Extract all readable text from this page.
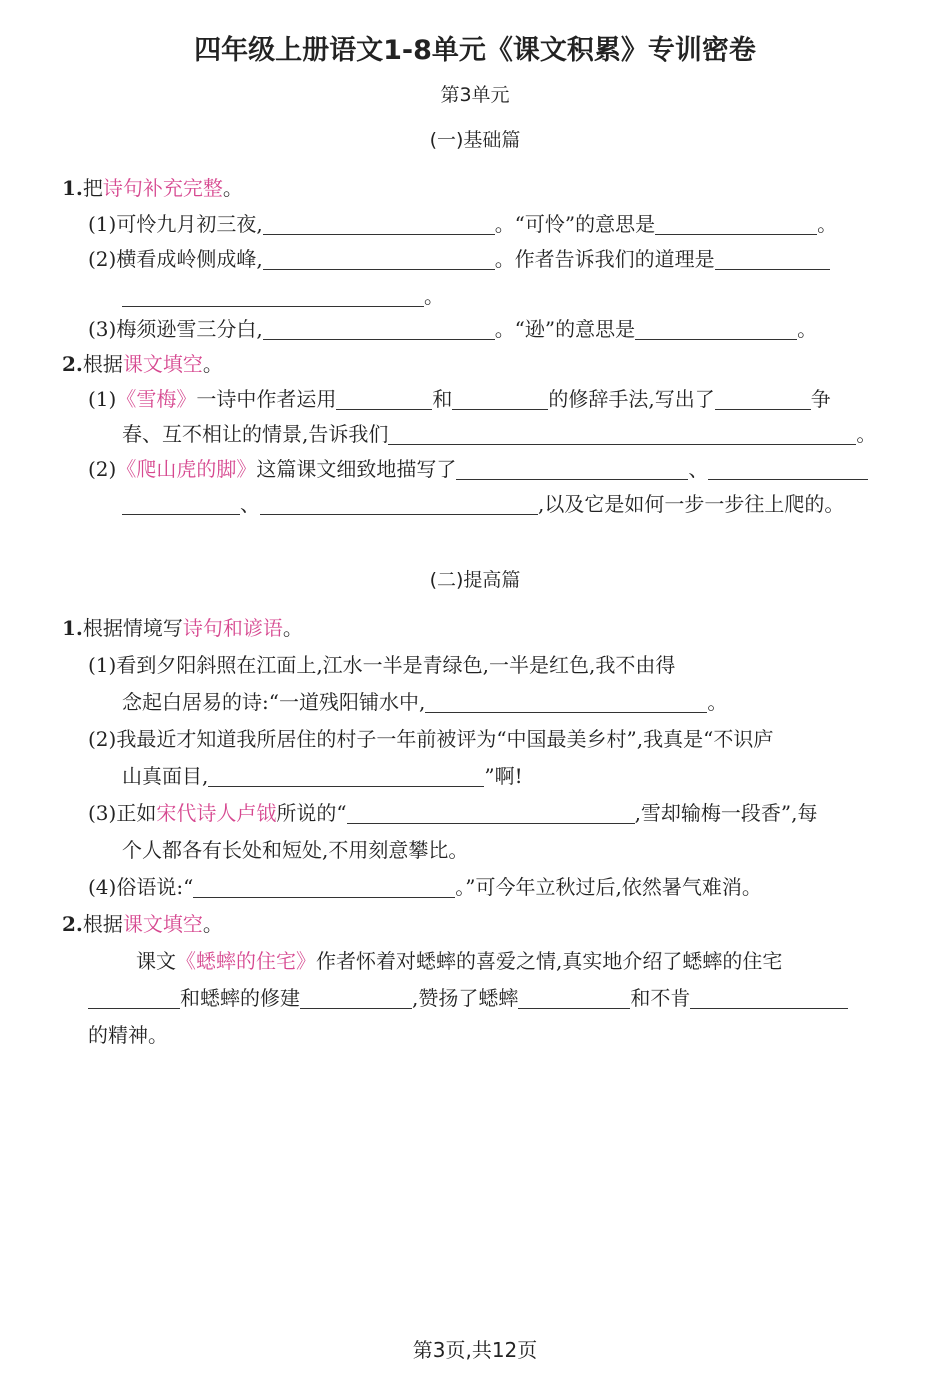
四年级上册语文1-8单元《课文积累》专训密卷
第3单元
(一)基础篇
1.把诗句补充完整。
(1)可怜九月初三夜,	。“可怜”的意思是	。
(2)横看成岭侧成峰,	。作者告诉我们的道理是
。
(3)梅须逊雪三分白,	。“逊”的意思是	。
2.根据课文填空。
(1)《雪梅》一诗中作者运用	和	的修辞手法,写出了	争
春、互不相让的情景,告诉我们	。
(2)《爬山虎的脚》这篇课文细致地描写了	、
、	,以及它是如何一步一步往上爬的。
(二)提高篇
1.根据情境写诗句和谚语。
(1)看到夕阳斜照在江面上,江水一半是青绿色,一半是红色,我不由得
念起白居易的诗:“一道残阳铺水中,	。
(2)我最近才知道我所居住的村子一年前被评为“中国最美乡村”,我真是“不识庐
山真面目,	”啊!
(3)正如宋代诗人卢钺所说的“	,雪却输梅一段香”,每
个人都各有长处和短处,不用刻意攀比。
(4)俗语说:“	。”可今年立秋过后,依然暑气难消。
2.根据课文填空。
课文《蟋蟀的住宅》作者怀着对蟋蟀的喜爱之情,真实地介绍了蟋蟀的住宅
和蟋蟀的修建	,赞扬了蟋蟀	和不肯
的精神。
第3页,共12页
